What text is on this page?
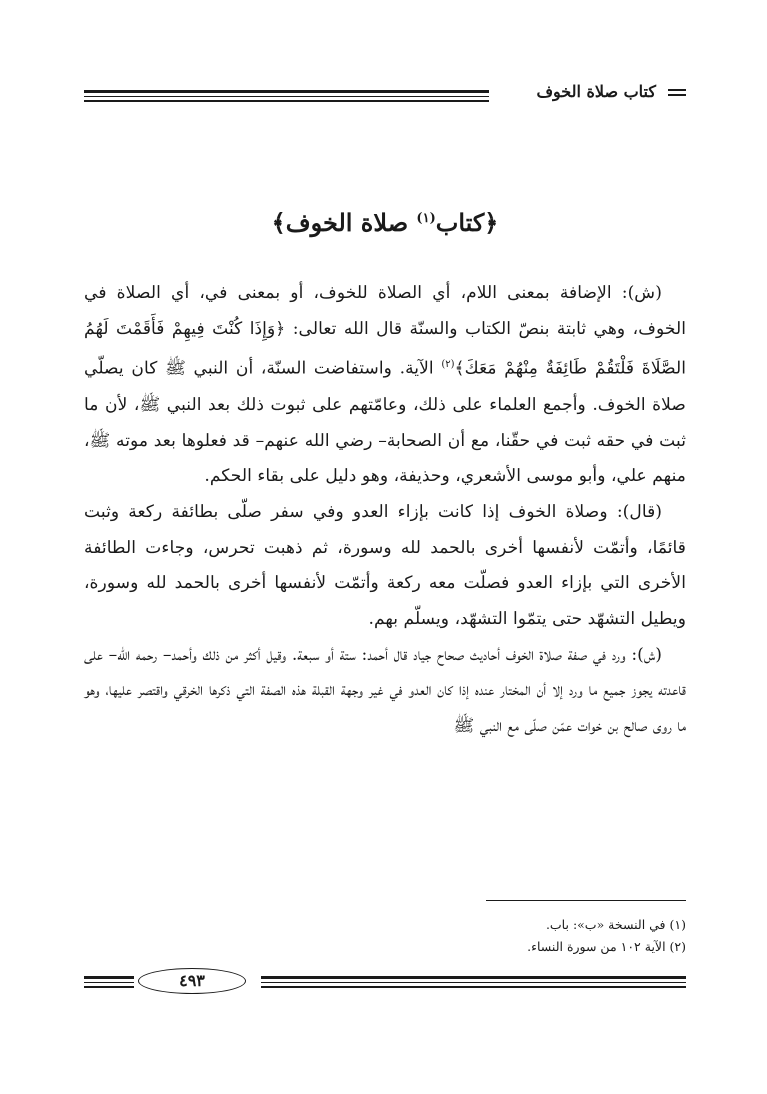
كتاب صلاة الخوف
﴿كتاب$^{(١)}$ صلاة الخوف﴾

(ش): الإضافة بمعنى اللام، أي الصلاة للخوف، أو بمعنى في، أي الصلاة في الخوف، وهي ثابتة بنصّ الكتاب والسنّة قال الله تعالى: ﴿وَإِذَا كُنْتَ فِيهِمْ فَأَقَمْتَ لَهُمُ الصَّلَاةَ فَلْتَقُمْ طَائِفَةٌ مِنْهُمْ مَعَكَ﴾$^{(٢)}$ الآية. واستفاضت السنّة، أن النبي ﷺ كان يصلّي صلاة الخوف. وأجمع العلماء على ذلك، وعامّتهم على ثبوت ذلك بعد النبي ﷺ، لأن ما ثبت في حقه ثبت في حقّنا، مع أن الصحابة– رضي الله عنهم– قد فعلوها بعد موته ﷺ، منهم علي، وأبو موسى الأشعري، وحذيفة، وهو دليل على بقاء الحكم.

(قال): وصلاة الخوف إذا كانت بإزاء العدو وفي سفر صلّى بطائفة ركعة وثبت قائمًا، وأتمّت لأنفسها أخرى بالحمد لله وسورة، ثم ذهبت تحرس، وجاءت الطائفة الأخرى التي بإزاء العدو فصلّت معه ركعة وأتمّت لأنفسها أخرى بالحمد لله وسورة، ويطيل التشهّد حتى يتمّوا التشهّد، ويسلّم بهم.

(ش): ورد في صفة صلاة الخوف أحاديث صحاح جياد قال أحمد: ستة أو سبعة. وقيل أكثر من ذلك وأحمد– رحمه الله– على قاعدته يجوز جميع ما ورد إلا أن المختار عنده إذا كان العدو في غير وجهة القبلة هذه الصفة التي ذكرها الخرقي واقتصر عليها، وهو ما روى صالح بن خوات عمّن صلّى مع النبي ﷺ

(١) في النسخة «ب»: باب.
(٢) الآية ١٠٢ من سورة النساء.
٤٩٣
